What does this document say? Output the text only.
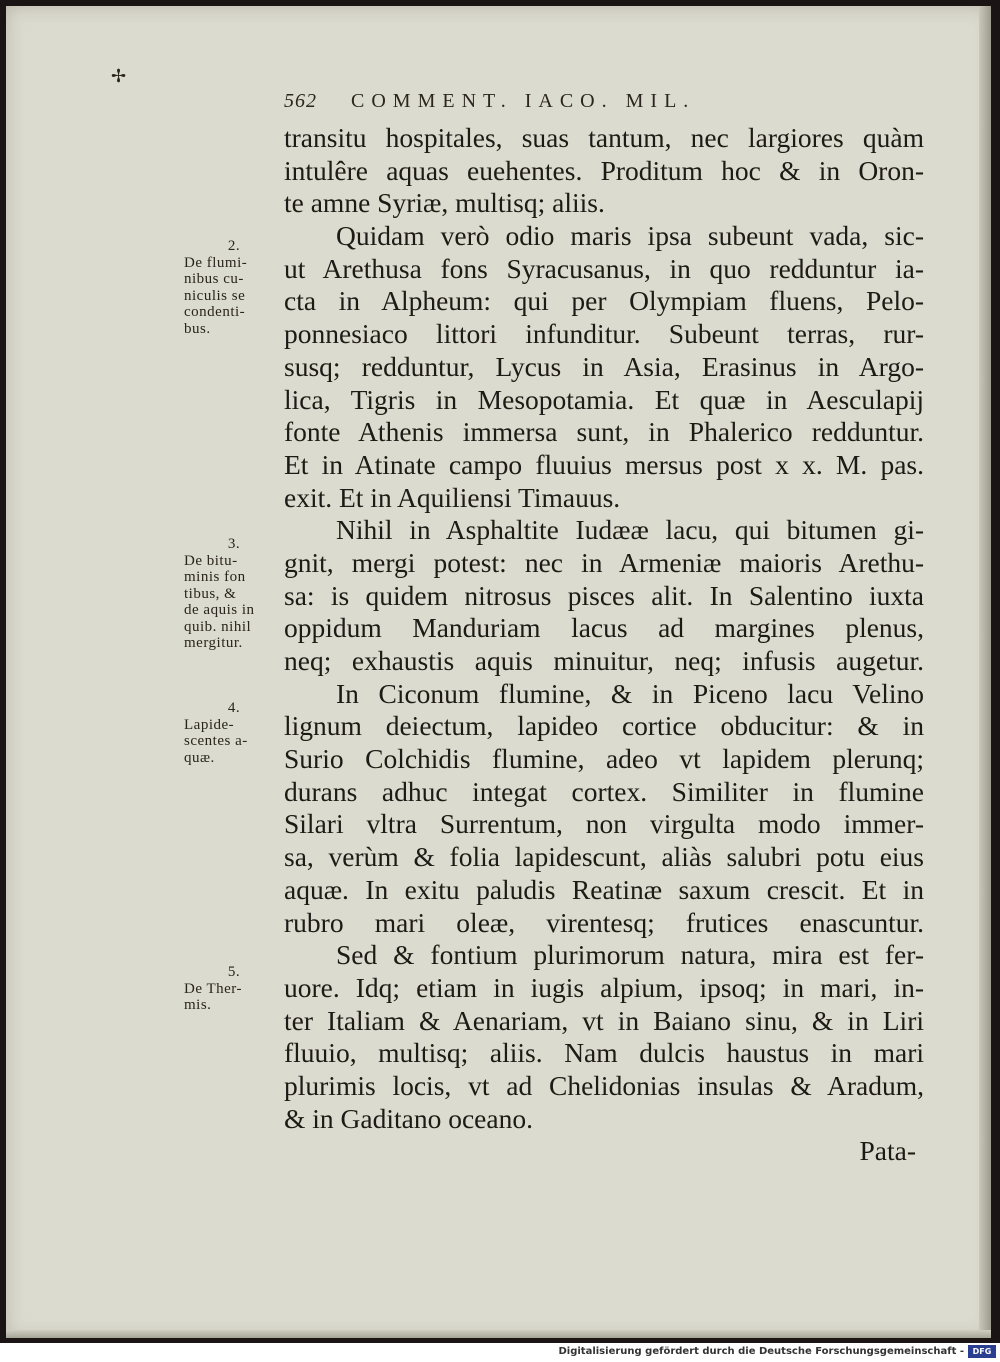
✢
562 COMMENT. IACO. MIL.
transitu hospitales, suas tantum, nec largiores quàm
intulêre aquas euehentes. Proditum hoc & in Oron-
te amne Syriæ, multisq; aliis.
Quidam verò odio maris ipsa subeunt vada, sic-
ut Arethusa fons Syracusanus, in quo redduntur ia-
cta in Alpheum: qui per Olympiam fluens, Pelo-
ponnesiaco littori infunditur. Subeunt terras, rur-
susq; redduntur, Lycus in Asia, Erasinus in Argo-
lica, Tigris in Mesopotamia. Et quæ in Aesculapij
fonte Athenis immersa sunt, in Phalerico redduntur.
Et in Atinate campo fluuius mersus post x x. M. pas.
exit. Et in Aquiliensi Timauus.
Nihil in Asphaltite Iudææ lacu, qui bitumen gi-
gnit, mergi potest: nec in Armeniæ maioris Arethu-
sa: is quidem nitrosus pisces alit. In Salentino iuxta
oppidum Manduriam lacus ad margines plenus,
neq; exhaustis aquis minuitur, neq; infusis augetur.
In Ciconum flumine, & in Piceno lacu Velino
lignum deiectum, lapideo cortice obducitur: & in
Surio Colchidis flumine, adeo vt lapidem plerunq;
durans adhuc integat cortex. Similiter in flumine
Silari vltra Surrentum, non virgulta modo immer-
sa, verùm & folia lapidescunt, aliàs salubri potu eius
aquæ. In exitu paludis Reatinæ saxum crescit. Et in
rubro mari oleæ, virentesq; frutices enascuntur.
Sed & fontium plurimorum natura, mira est fer-
uore. Idq; etiam in iugis alpium, ipsoq; in mari, in-
ter Italiam & Aenariam, vt in Baiano sinu, & in Liri
fluuio, multisq; aliis. Nam dulcis haustus in mari
plurimis locis, vt ad Chelidonias insulas & Aradum,
& in Gaditano oceano.
Pata-
2.
De flumi-
nibus cu-
niculis se
condenti-
bus.
3.
De bitu-
minis fon
tibus, &
de aquis in
quib. nihil
mergitur.
4.
Lapide-
scentes a-
quæ.
5.
De Ther-
mis.
Digitalisierung gefördert durch die Deutsche Forschungsgemeinschaft -	DFG
